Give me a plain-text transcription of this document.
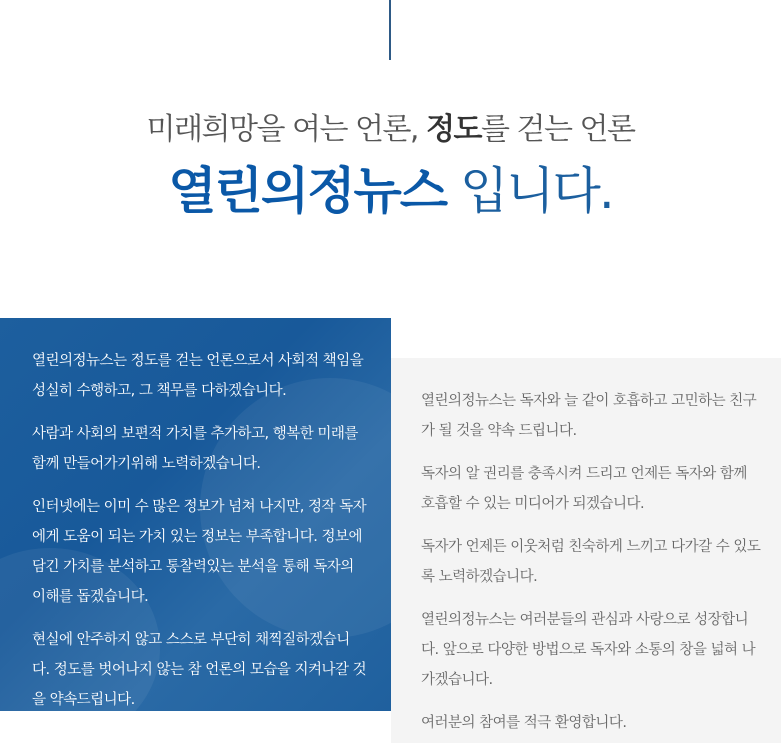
미래희망을 여는 언론, 정도를 걷는 언론
열린의정뉴스 입니다.

열린의정뉴스는 정도를 걷는 언론으로서 사회적 책임을 성실히 수행하고, 그 책무를 다하겠습니다.

사람과 사회의 보편적 가치를 추가하고, 행복한 미래를 함께 만들어가기위해 노력하겠습니다.

인터넷에는 이미 수 많은 정보가 넘쳐 나지만, 정작 독자에게 도움이 되는 가치 있는 정보는 부족합니다. 정보에 담긴 가치를 분석하고 통찰력있는 분석을 통해 독자의 이해를 돕겠습니다.

현실에 안주하지 않고 스스로 부단히 채찍질하겠습니다. 정도를 벗어나지 않는 참 언론의 모습을 지켜나갈 것을 약속드립니다.

열린의정뉴스는 독자와 늘 같이 호흡하고 고민하는 친구가 될 것을 약속 드립니다.

독자의 알 권리를 충족시켜 드리고 언제든 독자와 함께 호흡할 수 있는 미디어가 되겠습니다.

독자가 언제든 이웃처럼 친숙하게 느끼고 다가갈 수 있도록 노력하겠습니다.

열린의정뉴스는 여러분들의 관심과 사랑으로 성장합니다. 앞으로 다양한 방법으로 독자와 소통의 창을 넓혀 나가겠습니다.

여러분의 참여를 적극 환영합니다.
